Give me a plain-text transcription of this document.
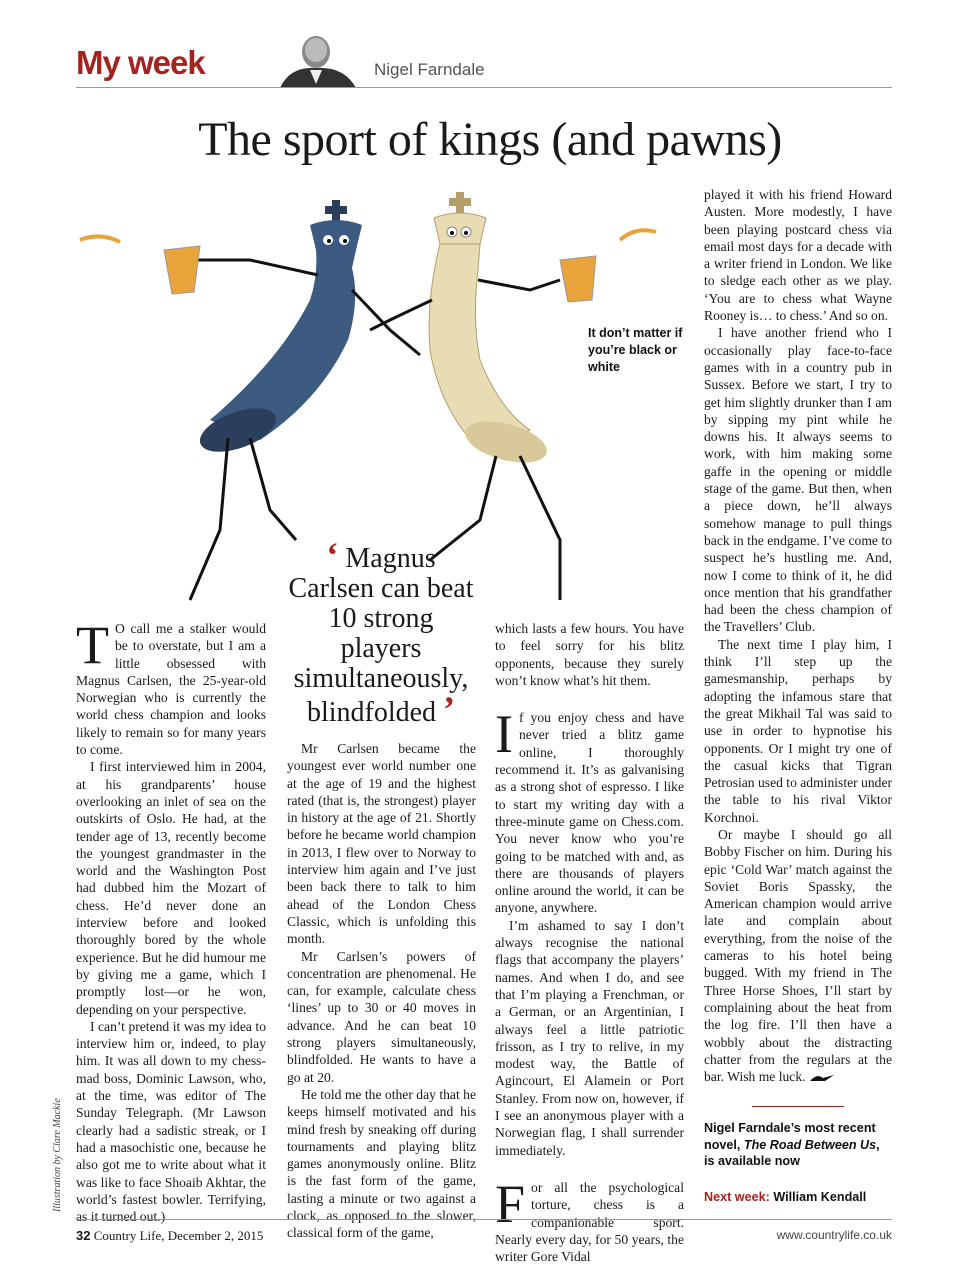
My week	Nigel Farndale
The sport of kings (and pawns)
It don’t matter if you’re black or white
Illustration by Clare Mackie
‘ Magnus Carlsen can beat 10 strong players simultaneously, blindfolded ’

T O call me a stalker would be to overstate, but I am a little obsessed with Magnus Carlsen, the 25-year-old Norwegian who is currently the world chess champion and looks likely to remain so for many years to come.

I first interviewed him in 2004, at his grandparents’ house overlooking an inlet of sea on the outskirts of Oslo. He had, at the tender age of 13, recently become the youngest grandmaster in the world and the Washington Post had dubbed him the Mozart of chess. He’d never done an interview before and looked thoroughly bored by the whole experience. But he did humour me by giving me a game, which I promptly lost—or he won, depending on your perspective.

I can’t pretend it was my idea to interview him or, indeed, to play him. It was all down to my chess-mad boss, Dominic Lawson, who, at the time, was editor of The Sunday Telegraph. (Mr Lawson clearly had a sadistic streak, or I had a masochistic one, because he also got me to write about what it was like to face Shoaib Akhtar, the world’s fastest bowler. Terrifying, as it turned out.)

Mr Carlsen became the youngest ever world number one at the age of 19 and the highest rated (that is, the strongest) player in history at the age of 21. Shortly before he became world champion in 2013, I flew over to Norway to interview him again and I’ve just been back there to talk to him ahead of the London Chess Classic, which is unfolding this month.

Mr Carlsen’s powers of concentration are phenomenal. He can, for example, calculate chess ‘lines’ up to 30 or 40 moves in advance. And he can beat 10 strong players simultaneously, blindfolded. He wants to have a go at 20.

He told me the other day that he keeps himself motivated and his mind fresh by sneaking off during tournaments and playing blitz games anonymously online. Blitz is the fast form of the game, lasting a minute or two against a clock, as opposed to the slower, classical form of the game,

which lasts a few hours. You have to feel sorry for his blitz opponents, because they surely won’t know what’s hit them.

I f you enjoy chess and have never tried a blitz game online, I thoroughly recommend it. It’s as galvanising as a strong shot of espresso. I like to start my writing day with a three-minute game on Chess.com. You never know who you’re going to be matched with and, as there are thousands of players online around the world, it can be anyone, anywhere.

I’m ashamed to say I don’t always recognise the national flags that accompany the players’ names. And when I do, and see that I’m playing a Frenchman, or a German, or an Argentinian, I always feel a little patriotic frisson, as I try to relive, in my modest way, the Battle of Agincourt, El Alamein or Port Stanley. From now on, however, if I see an anonymous player with a Norwegian flag, I shall surrender immediately.

F or all the psychological torture, chess is a companionable sport. Nearly every day, for 50 years, the writer Gore Vidal

played it with his friend Howard Austen. More modestly, I have been playing postcard chess via email most days for a decade with a writer friend in London. We like to sledge each other as we play. ‘You are to chess what Wayne Rooney is… to chess.’ And so on.

I have another friend who I occasionally play face-to-face games with in a country pub in Sussex. Before we start, I try to get him slightly drunker than I am by sipping my pint while he downs his. It always seems to work, with him making some gaffe in the opening or middle stage of the game. But then, when a piece down, he’ll always somehow manage to pull things back in the endgame. I’ve come to suspect he’s hustling me. And, now I come to think of it, he did once mention that his grandfather had been the chess champion of the Travellers’ Club.

The next time I play him, I think I’ll step up the gamesmanship, perhaps by adopting the infamous stare that the great Mikhail Tal was said to use in order to hypnotise his opponents. Or I might try one of the casual kicks that Tigran Petrosian used to administer under the table to his rival Viktor Korchnoi.

Or maybe I should go all Bobby Fischer on him. During his epic ‘Cold War’ match against the Soviet Boris Spassky, the American champion would arrive late and complain about everything, from the noise of the cameras to his hotel being bugged. With my friend in The Three Horse Shoes, I’ll start by complaining about the heat from the log fire. I’ll then have a wobbly about the distracting chatter from the regulars at the bar. Wish me luck.

Nigel Farndale’s most recent novel, The Road Between Us, is available now
Next week: William Kendall
32 Country Life, December 2, 2015	www.countrylife.co.uk
